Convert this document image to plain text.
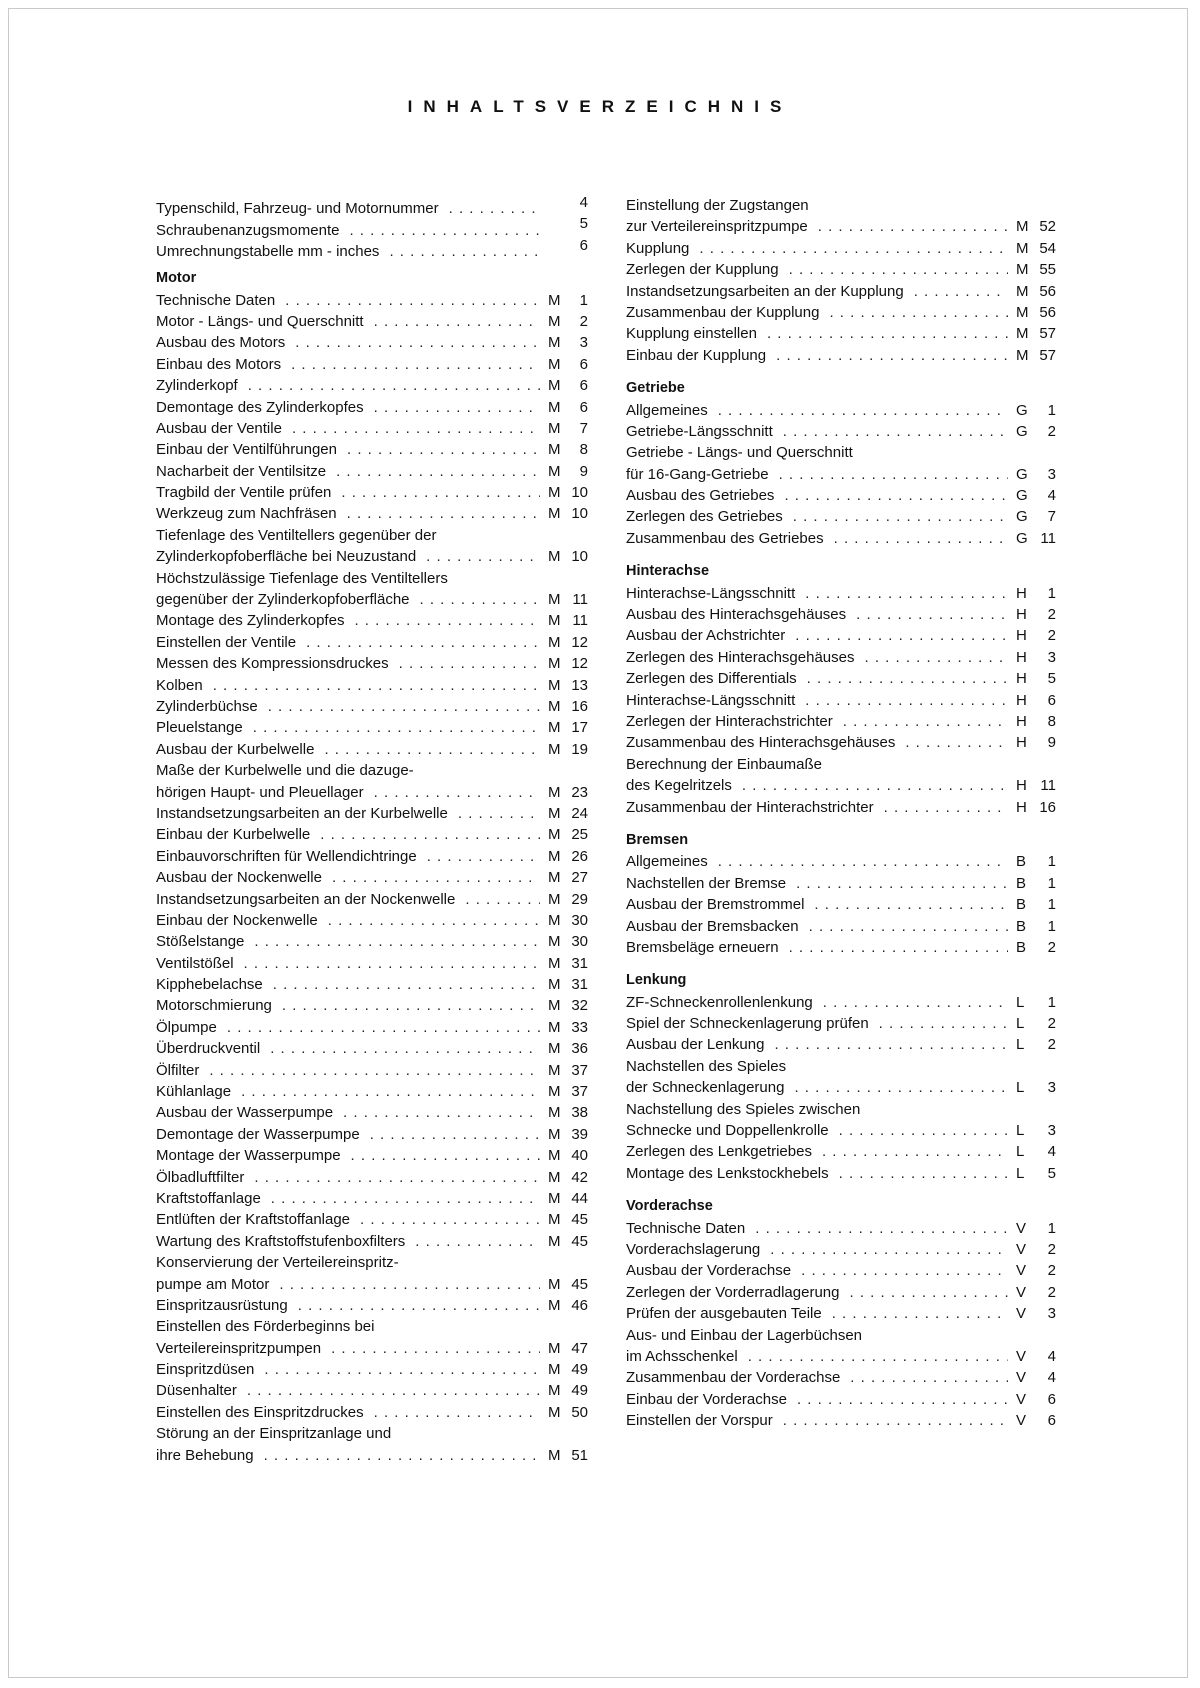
INHALTSVERZEICHNIS
Typenschild, Fahrzeug- und Motornummer . . .	4
Schraubenanzugsmomente . . .	5
Umrechnungstabelle mm - inches . . .	6
Motor
Technische Daten . . .	M 1
Motor - Längs- und Querschnitt . . .	M 2
Ausbau des Motors . . .	M 3
Einbau des Motors . . .	M 6
Zylinderkopf . . .	M 6
Demontage des Zylinderkopfes . . .	M 6
Ausbau der Ventile . . .	M 7
Einbau der Ventilführungen . . .	M 8
Nacharbeit der Ventilsitze . . .	M 9
Tragbild der Ventile prüfen . . .	M 10
Werkzeug zum Nachfräsen . . .	M 10
Tiefenlage des Ventiltellers gegenüber der
Zylinderkopfoberfläche bei Neuzustand . . .	M 10
Höchstzulässige Tiefenlage des Ventiltellers
gegenüber der Zylinderkopfoberfläche . . .	M 11
Montage des Zylinderkopfes . . .	M 11
Einstellen der Ventile . . .	M 12
Messen des Kompressionsdruckes . . .	M 12
Kolben . . .	M 13
Zylinderbüchse . . .	M 16
Pleuelstange . . .	M 17
Ausbau der Kurbelwelle . . .	M 19
Maße der Kurbelwelle und die dazuge-
hörigen Haupt- und Pleuellager . . .	M 23
Instandsetzungsarbeiten an der Kurbelwelle . . .	M 24
Einbau der Kurbelwelle . . .	M 25
Einbauvorschriften für Wellendichtringe . . .	M 26
Ausbau der Nockenwelle . . .	M 27
Instandsetzungsarbeiten an der Nockenwelle . . .	M 29
Einbau der Nockenwelle . . .	M 30
Stößelstange . . .	M 30
Ventilstößel . . .	M 31
Kipphebelachse . . .	M 31
Motorschmierung . . .	M 32
Ölpumpe . . .	M 33
Überdruckventil . . .	M 36
Ölfilter . . .	M 37
Kühlanlage . . .	M 37
Ausbau der Wasserpumpe . . .	M 38
Demontage der Wasserpumpe . . .	M 39
Montage der Wasserpumpe . . .	M 40
Ölbadluftfilter . . .	M 42
Kraftstoffanlage . . .	M 44
Entlüften der Kraftstoffanlage . . .	M 45
Wartung des Kraftstoffstufenboxfilters . . .	M 45
Konservierung der Verteilereinspritz-
pumpe am Motor . . .	M 45
Einspritzausrüstung . . .	M 46
Einstellen des Förderbeginns bei
Verteilereinspritzpumpen . . .	M 47
Einspritzdüsen . . .	M 49
Düsenhalter . . .	M 49
Einstellen des Einspritzdruckes . . .	M 50
Störung an der Einspritzanlage und
ihre Behebung . . .	M 51
Einstellung der Zugstangen
zur Verteilereinspritzpumpe . . .	M 52
Kupplung . . .	M 54
Zerlegen der Kupplung . . .	M 55
Instandsetzungsarbeiten an der Kupplung . . .	M 56
Zusammenbau der Kupplung . . .	M 56
Kupplung einstellen . . .	M 57
Einbau der Kupplung . . .	M 57
Getriebe
Allgemeines . . .	G 1
Getriebe-Längsschnitt . . .	G 2
Getriebe - Längs- und Querschnitt
für 16-Gang-Getriebe . . .	G 3
Ausbau des Getriebes . . .	G 4
Zerlegen des Getriebes . . .	G 7
Zusammenbau des Getriebes . . .	G 11
Hinterachse
Hinterachse-Längsschnitt . . .	H 1
Ausbau des Hinterachsgehäuses . . .	H 2
Ausbau der Achstrichter . . .	H 2
Zerlegen des Hinterachsgehäuses . . .	H 3
Zerlegen des Differentials . . .	H 5
Hinterachse-Längsschnitt . . .	H 6
Zerlegen der Hinterachstrichter . . .	H 8
Zusammenbau des Hinterachsgehäuses . . .	H 9
Berechnung der Einbaumaße
des Kegelritzels . . .	H 11
Zusammenbau der Hinterachstrichter . . .	H 16
Bremsen
Allgemeines . . .	B 1
Nachstellen der Bremse . . .	B 1
Ausbau der Bremstrommel . . .	B 1
Ausbau der Bremsbacken . . .	B 1
Bremsbeläge erneuern . . .	B 2
Lenkung
ZF-Schneckenrollenlenkung . . .	L 1
Spiel der Schneckenlagerung prüfen . . .	L 2
Ausbau der Lenkung . . .	L 2
Nachstellen des Spieles
der Schneckenlagerung . . .	L 3
Nachstellung des Spieles zwischen
Schnecke und Doppellenkrolle . . .	L 3
Zerlegen des Lenkgetriebes . . .	L 4
Montage des Lenkstockhebels . . .	L 5
Vorderachse
Technische Daten . . .	V 1
Vorderachslagerung . . .	V 2
Ausbau der Vorderachse . . .	V 2
Zerlegen der Vorderradlagerung . . .	V 2
Prüfen der ausgebauten Teile . . .	V 3
Aus- und Einbau der Lagerbüchsen
im Achsschenkel . . .	V 4
Zusammenbau der Vorderachse . . .	V 4
Einbau der Vorderachse . . .	V 6
Einstellen der Vorspur . . .	V 6
